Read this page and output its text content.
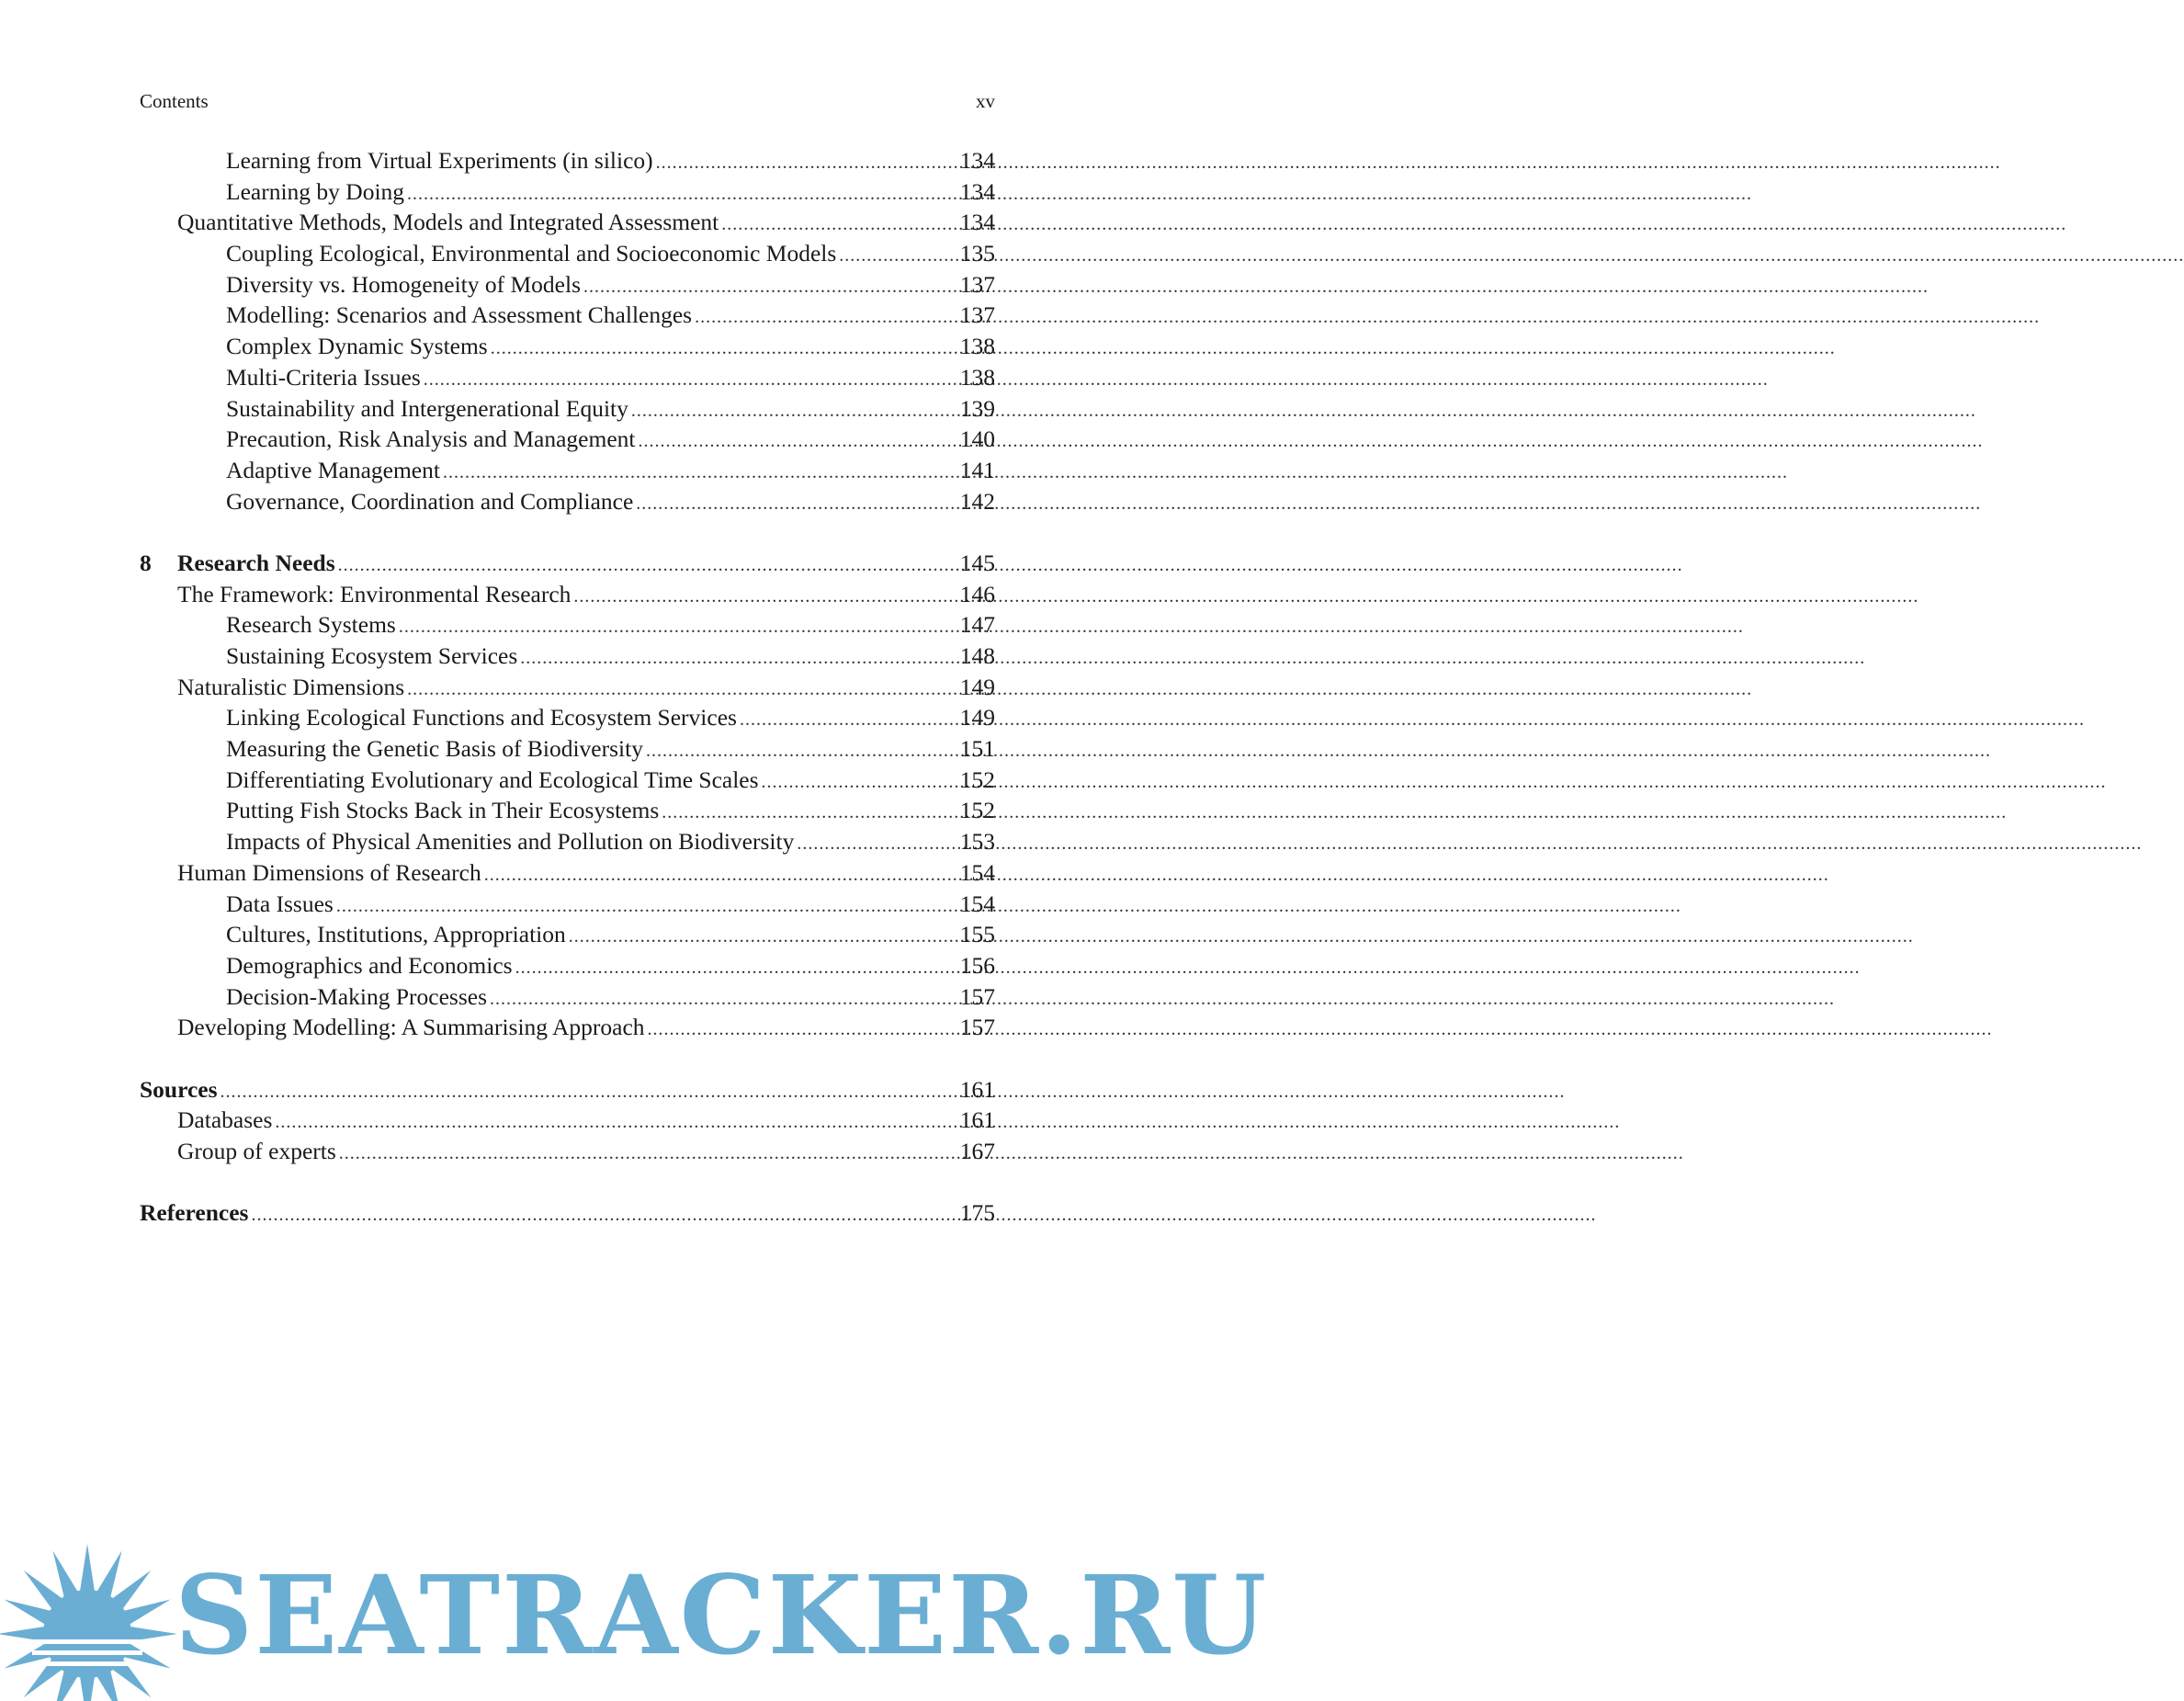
Contents	xv
Learning from Virtual Experiments (in silico) .....	134
Learning by Doing .....	134
Quantitative Methods, Models and Integrated Assessment .....	134
Coupling Ecological, Environmental and Socioeconomic Models .....	135
Diversity vs. Homogeneity of Models .....	137
Modelling: Scenarios and Assessment Challenges .....	137
Complex Dynamic Systems .....	138
Multi-Criteria Issues .....	138
Sustainability and Intergenerational Equity .....	139
Precaution, Risk Analysis and Management .....	140
Adaptive Management .....	141
Governance, Coordination and Compliance .....	142
8 Research Needs .....	145
The Framework: Environmental Research .....	146
Research Systems .....	147
Sustaining Ecosystem Services .....	148
Naturalistic Dimensions .....	149
Linking Ecological Functions and Ecosystem Services .....	149
Measuring the Genetic Basis of Biodiversity .....	151
Differentiating Evolutionary and Ecological Time Scales .....	152
Putting Fish Stocks Back in Their Ecosystems .....	152
Impacts of Physical Amenities and Pollution on Biodiversity .....	153
Human Dimensions of Research .....	154
Data Issues .....	154
Cultures, Institutions, Appropriation .....	155
Demographics and Economics .....	156
Decision-Making Processes .....	157
Developing Modelling: A Summarising Approach .....	157
Sources .....	161
Databases .....	161
Group of experts .....	167
References .....	175
SEATRACKER.RU
